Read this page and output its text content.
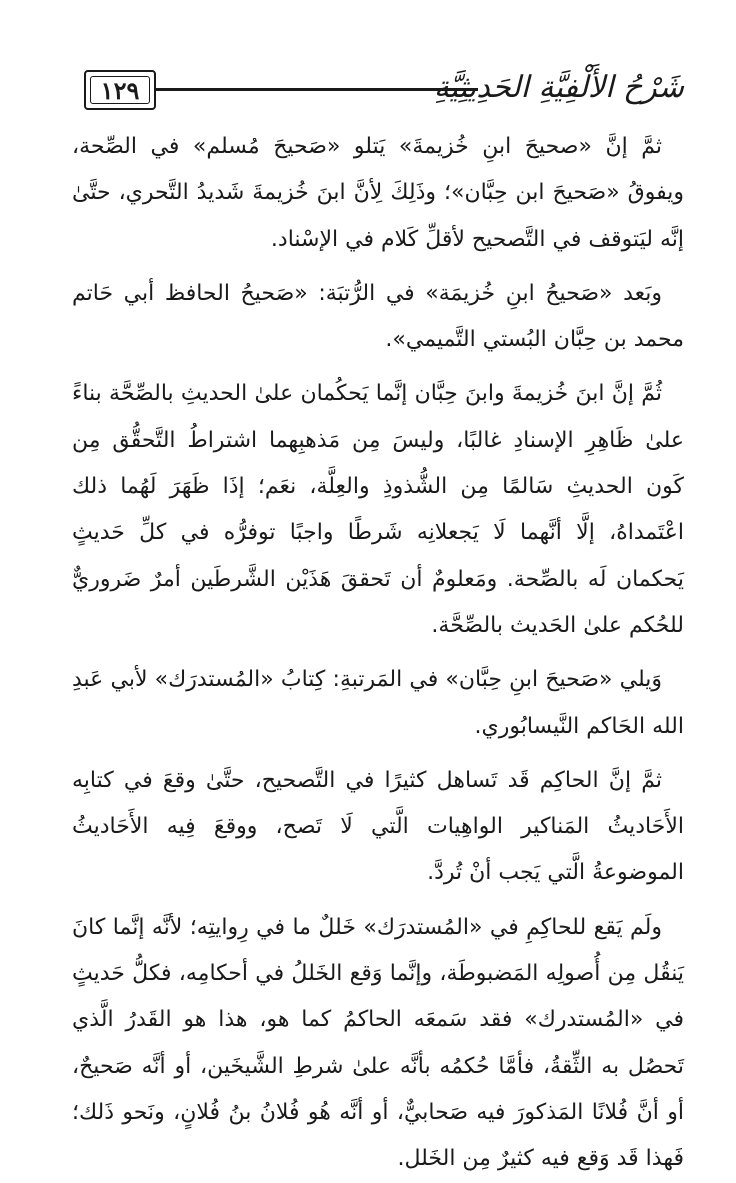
١٢٩	شَرْحُ الأَلْفِيَّةِ الحَدِيثِيَّةِ

ثمَّ إنَّ «صحيحَ ابنِ خُزيمةَ» يَتلو «صَحيحَ مُسلم» في الصِّحة، ويفوقُ «صَحيحَ ابن حِبَّان»؛ وذَلِكَ لِأنَّ ابنَ خُزيمةَ شَديدُ التَّحري، حتَّىٰ إنَّه ليَتوقف في التَّصحيح لأقلِّ كَلام في الإسْناد.

وبَعد «صَحيحُ ابنِ خُزيمَة» في الرُّتبَة: «صَحيحُ الحافظ أبي حَاتم محمد بن حِبَّان البُستي التَّميمي».

ثُمَّ إنَّ ابنَ خُزيمةَ وابنَ حِبَّان إنَّما يَحكُمان علىٰ الحديثِ بالصِّحَّة بناءً علىٰ ظَاهِرِ الإسنادِ غالبًا، وليسَ مِن مَذهبِهما اشتراطُ التَّحقُّق مِن كَون الحديثِ سَالمًا مِن الشُّذوذِ والعِلَّة، نعَم؛ إذَا ظَهَرَ لَهُما ذلك اعْتَمداهُ، إلَّا أنَّهما لَا يَجعلانِه شَرطًا واجبًا توفرُّه في كلِّ حَديثٍ يَحكمان لَه بالصِّحة. ومَعلومٌ أن تَحققَ هَذَيْن الشَّرطَين أمرٌ ضَروريٌّ للحُكم علىٰ الحَديث بالصِّحَّة.

وَيلي «صَحيحَ ابنِ حِبَّان» في المَرتبةِ: كِتابُ «المُستدرَك» لأبي عَبدِ الله الحَاكم النَّيسابُوري.

ثمَّ إنَّ الحاكِم قَد تَساهل كثيرًا في التَّصحيح، حتَّىٰ وقعَ في كتابِه الأَحَاديثُ المَناكير الواهِيات الَّتي لَا تَصح، ووقعَ فِيه الأَحَاديثُ الموضوعةُ الَّتي يَجب أنْ تُردَّ.

ولَم يَقع للحاكِمِ في «المُستدرَك» خَللٌ ما في رِوايتِه؛ لأنَّه إنَّما كانَ يَنقُل مِن أُصولِه المَضبوطَة، وإنَّما وَقع الخَللُ في أحكامِه، فكلُّ حَديثٍ في «المُستدرك» فقد سَمعَه الحاكمُ كما هو، هذا هو القَدرُ الَّذي تَحصُل به الثِّقةُ، فأمَّا حُكمُه بأنَّه علىٰ شرطِ الشَّيخَين، أو أنَّه صَحيحٌ، أو أنَّ فُلانًا المَذكورَ فيه صَحابيٌّ، أو أنَّه هُو فُلانُ بنُ فُلانٍ، ونَحو ذَلك؛ فَهذا قَد وَقع فيه كثيرٌ مِن الخَلل.
